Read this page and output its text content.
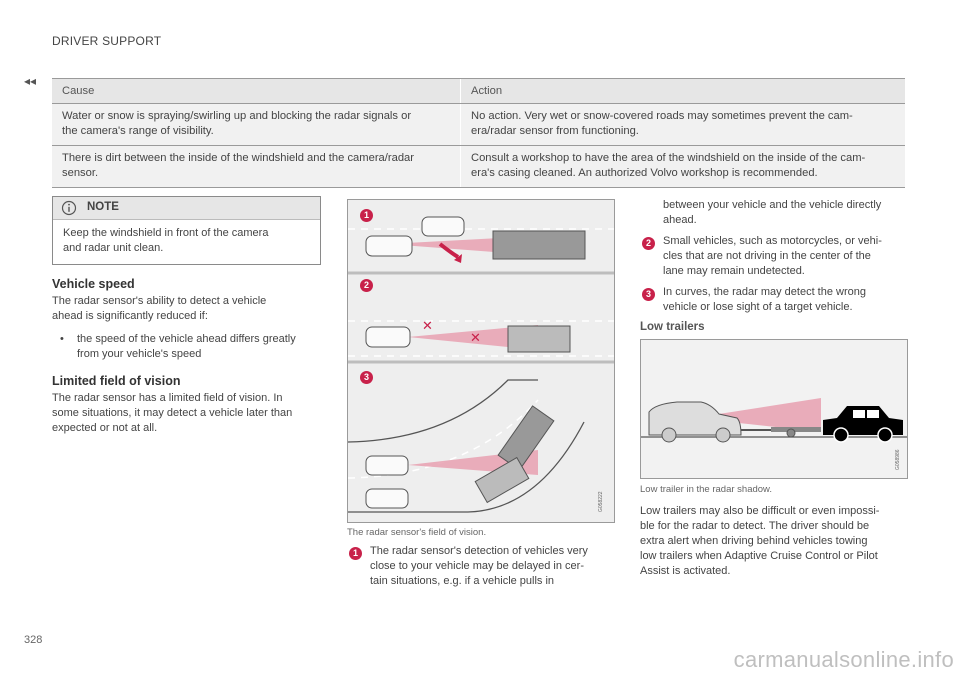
DRIVER SUPPORT
◂◂
Cause	Action
Water or snow is spraying/swirling up and blocking the radar signals or
the camera's range of visibility.	No action. Very wet or snow-covered roads may sometimes prevent the cam-
era/radar sensor from functioning.
There is dirt between the inside of the windshield and the camera/radar
sensor.	Consult a workshop to have the area of the windshield on the inside of the cam-
era's casing cleaned. An authorized Volvo workshop is recommended.
NOTE
Keep the windshield in front of the camera
and radar unit clean.
Vehicle speed
The radar sensor's ability to detect a vehicle
ahead is significantly reduced if:
• the speed of the vehicle ahead differs greatly
from your vehicle's speed
Limited field of vision
The radar sensor has a limited field of vision. In
some situations, it may detect a vehicle later than
expected or not at all.
✕
✕
G058222
1
2
3
The radar sensor's field of vision.
1	The radar sensor's detection of vehicles very
close to your vehicle may be delayed in cer-
tain situations, e.g. if a vehicle pulls in
between your vehicle and the vehicle directly
ahead.
2	Small vehicles, such as motorcycles, or vehi-
cles that are not driving in the center of the
lane may remain undetected.
3	In curves, the radar may detect the wrong
vehicle or lose sight of a target vehicle.
Low trailers
G058986
Low trailer in the radar shadow.
Low trailers may also be difficult or even impossi-
ble for the radar to detect. The driver should be
extra alert when driving behind vehicles towing
low trailers when Adaptive Cruise Control or Pilot
Assist is activated.
328
carmanualsonline.info
